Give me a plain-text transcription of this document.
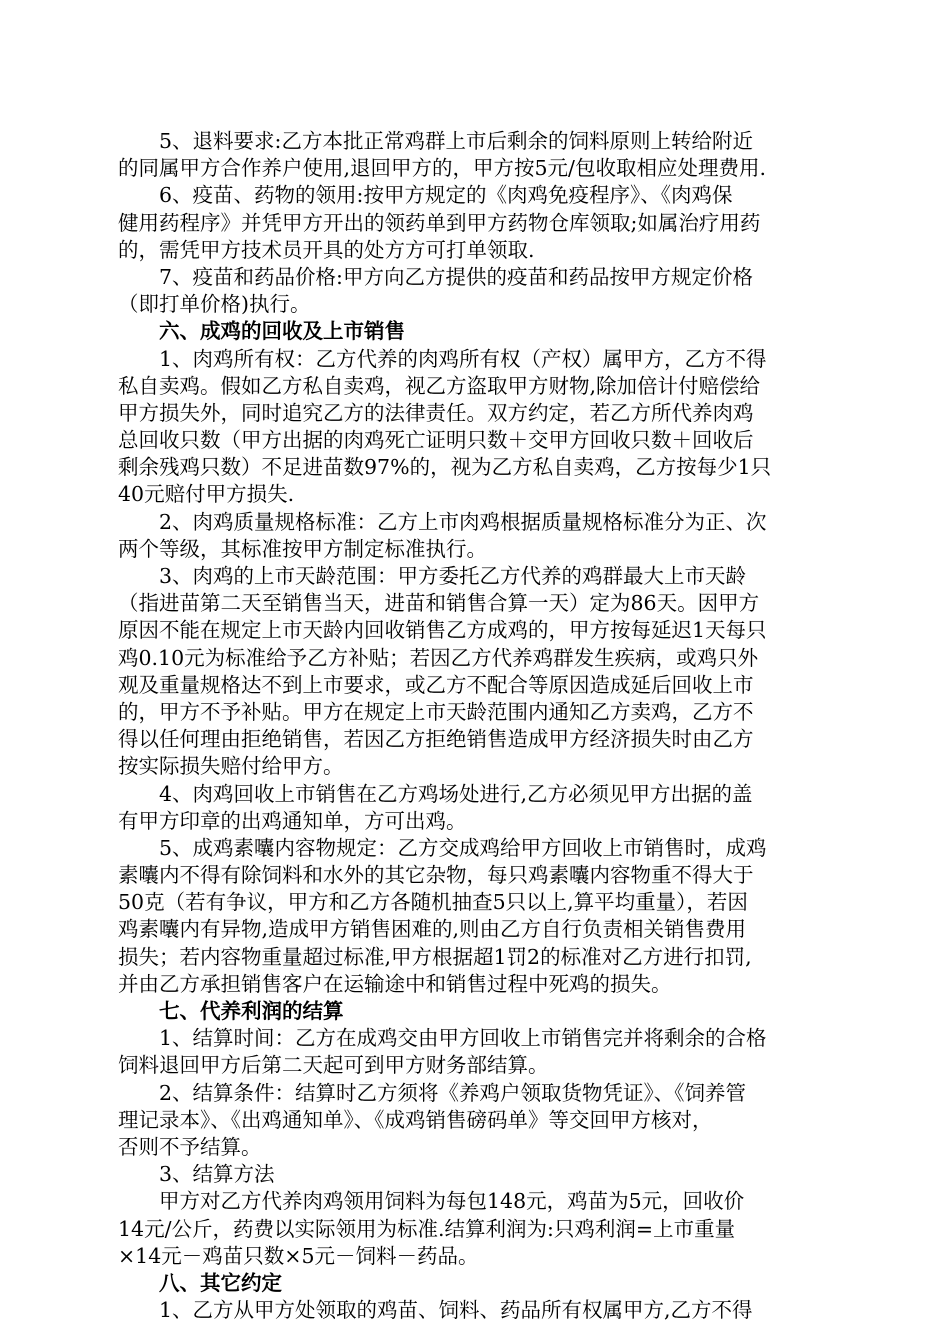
5、退料要求:乙方本批正常鸡群上市后剩余的饲料原则上转给附近
的同属甲方合作养户使用,退回甲方的，甲方按5元/包收取相应处理费用.
6、疫苗、药物的领用:按甲方规定的《肉鸡免疫程序》、《肉鸡保
健用药程序》并凭甲方开出的领药单到甲方药物仓库领取;如属治疗用药
的，需凭甲方技术员开具的处方方可打单领取.
7、疫苗和药品价格:甲方向乙方提供的疫苗和药品按甲方规定价格
（即打单价格)执行。
六、成鸡的回收及上市销售
1、肉鸡所有权：乙方代养的肉鸡所有权（产权）属甲方，乙方不得
私自卖鸡。假如乙方私自卖鸡，视乙方盗取甲方财物,除加倍计付赔偿给
甲方损失外，同时追究乙方的法律责任。双方约定，若乙方所代养肉鸡
总回收只数（甲方出据的肉鸡死亡证明只数＋交甲方回收只数＋回收后
剩余残鸡只数）不足进苗数97%的，视为乙方私自卖鸡，乙方按每少1只
40元赔付甲方损失.
2、肉鸡质量规格标准：乙方上市肉鸡根据质量规格标准分为正、次
两个等级，其标准按甲方制定标准执行。
3、肉鸡的上市天龄范围：甲方委托乙方代养的鸡群最大上市天龄
（指进苗第二天至销售当天，进苗和销售合算一天）定为86天。因甲方
原因不能在规定上市天龄内回收销售乙方成鸡的，甲方按每延迟1天每只
鸡0.10元为标准给予乙方补贴；若因乙方代养鸡群发生疾病，或鸡只外
观及重量规格达不到上市要求，或乙方不配合等原因造成延后回收上市
的，甲方不予补贴。甲方在规定上市天龄范围内通知乙方卖鸡，乙方不
得以任何理由拒绝销售，若因乙方拒绝销售造成甲方经济损失时由乙方
按实际损失赔付给甲方。
4、肉鸡回收上市销售在乙方鸡场处进行,乙方必须见甲方出据的盖
有甲方印章的出鸡通知单，方可出鸡。
5、成鸡素囔内容物规定：乙方交成鸡给甲方回收上市销售时，成鸡
素囔内不得有除饲料和水外的其它杂物，每只鸡素囔内容物重不得大于
50克（若有争议，甲方和乙方各随机抽查5只以上,算平均重量），若因
鸡素囔内有异物,造成甲方销售困难的,则由乙方自行负责相关销售费用
损失；若内容物重量超过标准,甲方根据超1罚2的标准对乙方进行扣罚,
并由乙方承担销售客户在运输途中和销售过程中死鸡的损失。
七、代养利润的结算
1、结算时间：乙方在成鸡交由甲方回收上市销售完并将剩余的合格
饲料退回甲方后第二天起可到甲方财务部结算。
2、结算条件：结算时乙方须将《养鸡户领取货物凭证》、《饲养管
理记录本》、《出鸡通知单》、《成鸡销售磅码单》等交回甲方核对，
否则不予结算。
3、结算方法
甲方对乙方代养肉鸡领用饲料为每包148元，鸡苗为5元，回收价
14元/公斤，药费以实际领用为标准.结算利润为:只鸡利润=上市重量
×14元－鸡苗只数×5元－饲料－药品。
八、其它约定
1、乙方从甲方处领取的鸡苗、饲料、药品所有权属甲方,乙方不得
